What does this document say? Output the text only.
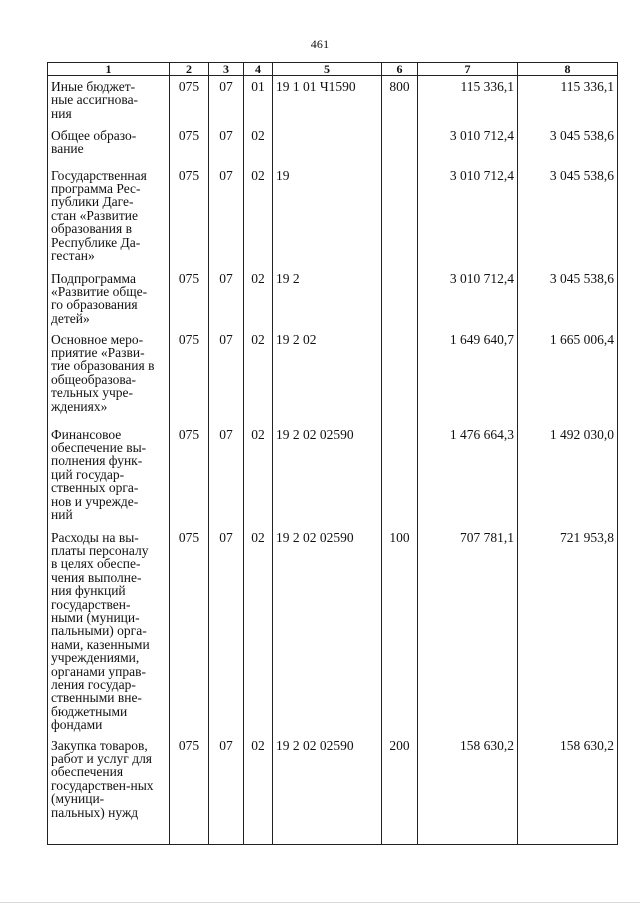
461
1	2	3	4	5	6	7	8

Иные бюджет-ные ассигнова-ния	075	07	01	19 1 01 Ч1590	800	115 336,1	115 336,1

Общее образо-вание	075	07	02			3 010 712,4	3 045 538,6

Государственная программа Рес-публики Даге-стан «Развитие образования в Республике Да-гестан»	075	07	02	19		3 010 712,4	3 045 538,6

Подпрограмма «Развитие обще-го образования детей»	075	07	02	19 2		3 010 712,4	3 045 538,6

Основное меро-приятие «Разви-тие образования в общеобразова-тельных учре-ждениях»	075	07	02	19 2 02		1 649 640,7	1 665 006,4

Финансовое обеспечение вы-полнения функ-ций государ-ственных орга-нов и учрежде-ний	075	07	02	19 2 02 02590		1 476 664,3	1 492 030,0

Расходы на вы-платы персоналу в целях обеспе-чения выполне-ния функций государствен-ными (муници-пальными) орга-нами, казенными учреждениями, органами управ-ления государ-ственными вне-бюджетными фондами	075	07	02	19 2 02 02590	100	707 781,1	721 953,8

Закупка товаров, работ и услуг для обеспечения государствен-ных (муници-пальных) нужд	075	07	02	19 2 02 02590	200	158 630,2	158 630,2
